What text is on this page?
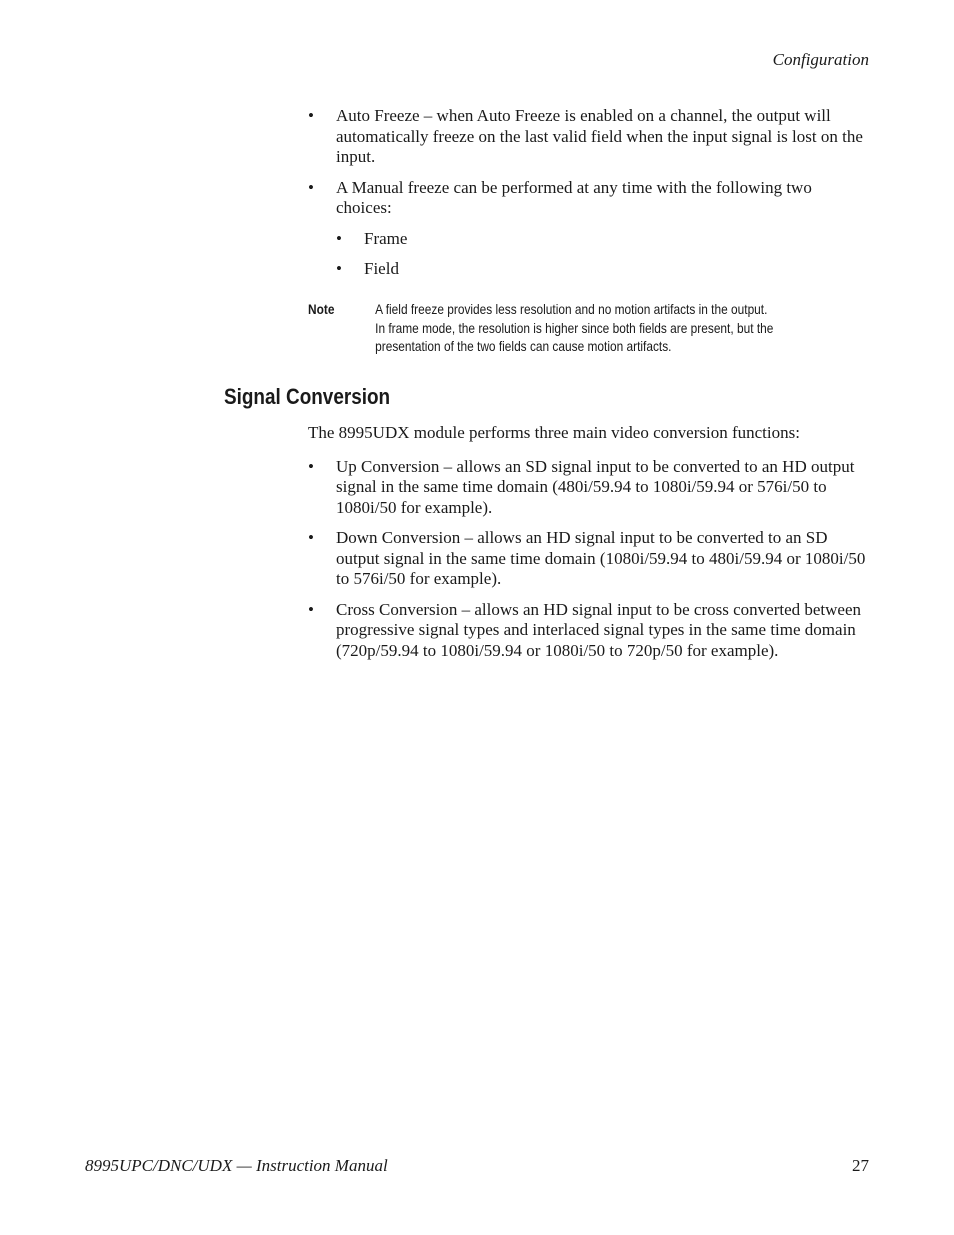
Configuration
• Auto Freeze – when Auto Freeze is enabled on a channel, the output will automatically freeze on the last valid field when the input signal is lost on the input.
• A Manual freeze can be performed at any time with the following two choices:
• Frame
• Field
Note	A field freeze provides less resolution and no motion artifacts in the output.
In frame mode, the resolution is higher since both fields are present, but the
presentation of the two fields can cause motion artifacts.
Signal Conversion
The 8995UDX module performs three main video conversion functions:
• Up Conversion – allows an SD signal input to be converted to an HD output signal in the same time domain (480i/59.94 to 1080i/59.94 or 576i/50 to 1080i/50 for example).
• Down Conversion – allows an HD signal input to be converted to an SD output signal in the same time domain (1080i/59.94 to 480i/59.94 or 1080i/50 to 576i/50 for example).
• Cross Conversion – allows an HD signal input to be cross converted between progressive signal types and interlaced signal types in the same time domain (720p/59.94 to 1080i/59.94 or 1080i/50 to 720p/50 for example).
8995UPC/DNC/UDX — Instruction Manual	27
